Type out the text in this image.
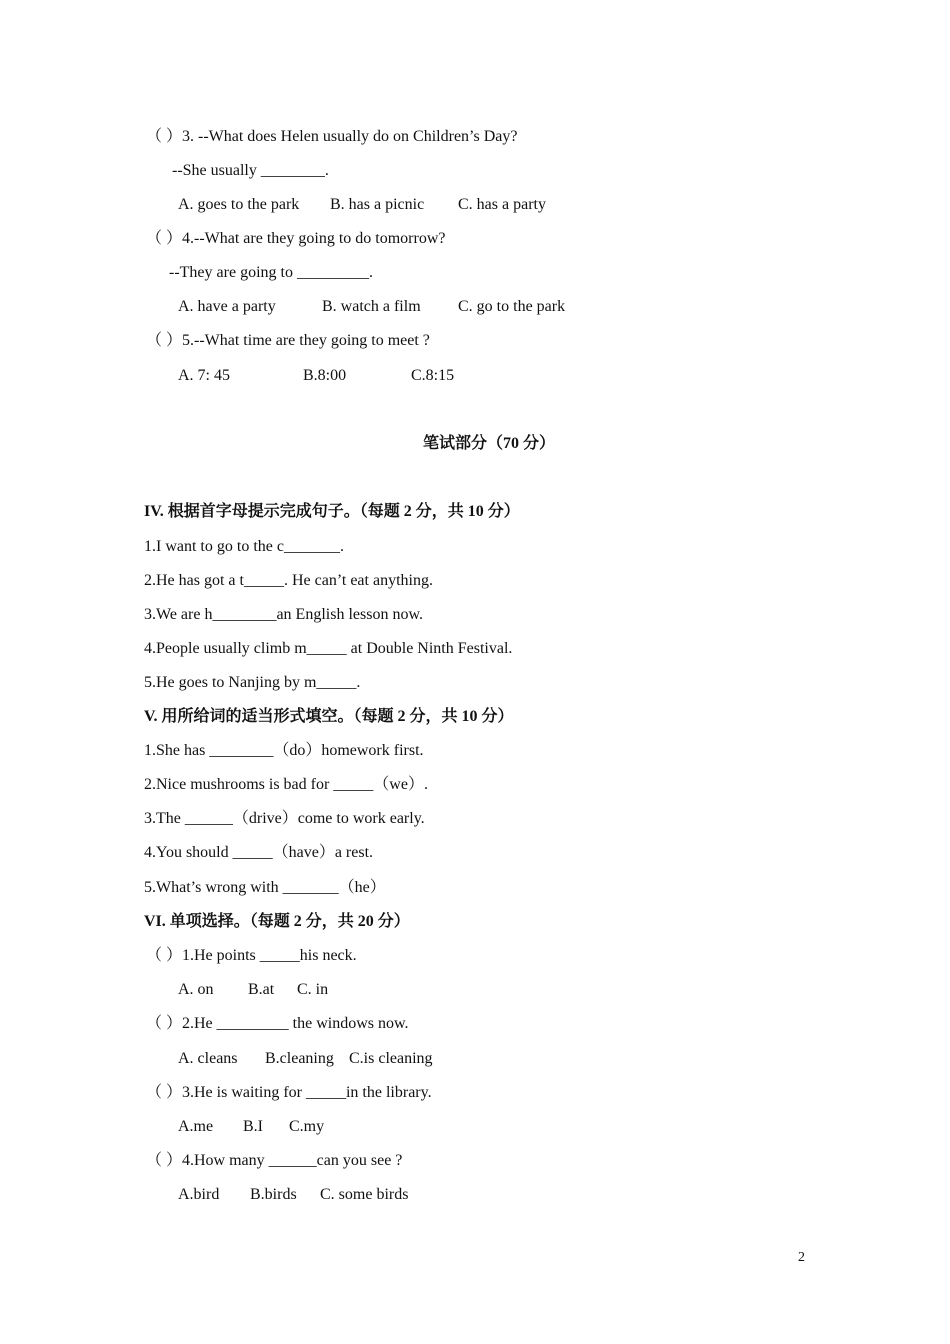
（ ）3. --What does Helen usually do on Children’s Day?
--She usually ________.
A. goes to the park B. has a picnic C. has a party
（ ）4.--What are they going to do tomorrow?
--They are going to _________.
A. have a party	B. watch a film C. go to the park
（ ）5.--What time are they going to meet ?
A. 7: 45	B.8:00	C.8:15
笔试部分（70 分）
IV. 根据首字母提示完成句子。（每题 2 分，共 10 分）
1.I want to go to the c_______.
2.He has got a t_____. He can’t eat anything.
3.We are h________an English lesson now.
4.People usually climb m_____ at Double Ninth Festival.
5.He goes to Nanjing by m_____.
V. 用所给词的适当形式填空。（每题 2 分，共 10 分）
1.She has ________（do）homework first.
2.Nice mushrooms is bad for _____（we）.
3.The ______（drive）come to work early.
4.You should _____（have）a rest.
5.What’s wrong with _______（he）
VI. 单项选择。（每题 2 分，共 20 分）
（ ）1.He points _____his neck.
A. on B.at C. in
（ ）2.He _________ the windows now.
A. cleans B.cleaning C.is cleaning
（ ）3.He is waiting for _____in the library.
A.me B.I C.my
（ ）4.How many ______can you see ?
A.bird B.birds C. some birds
2
